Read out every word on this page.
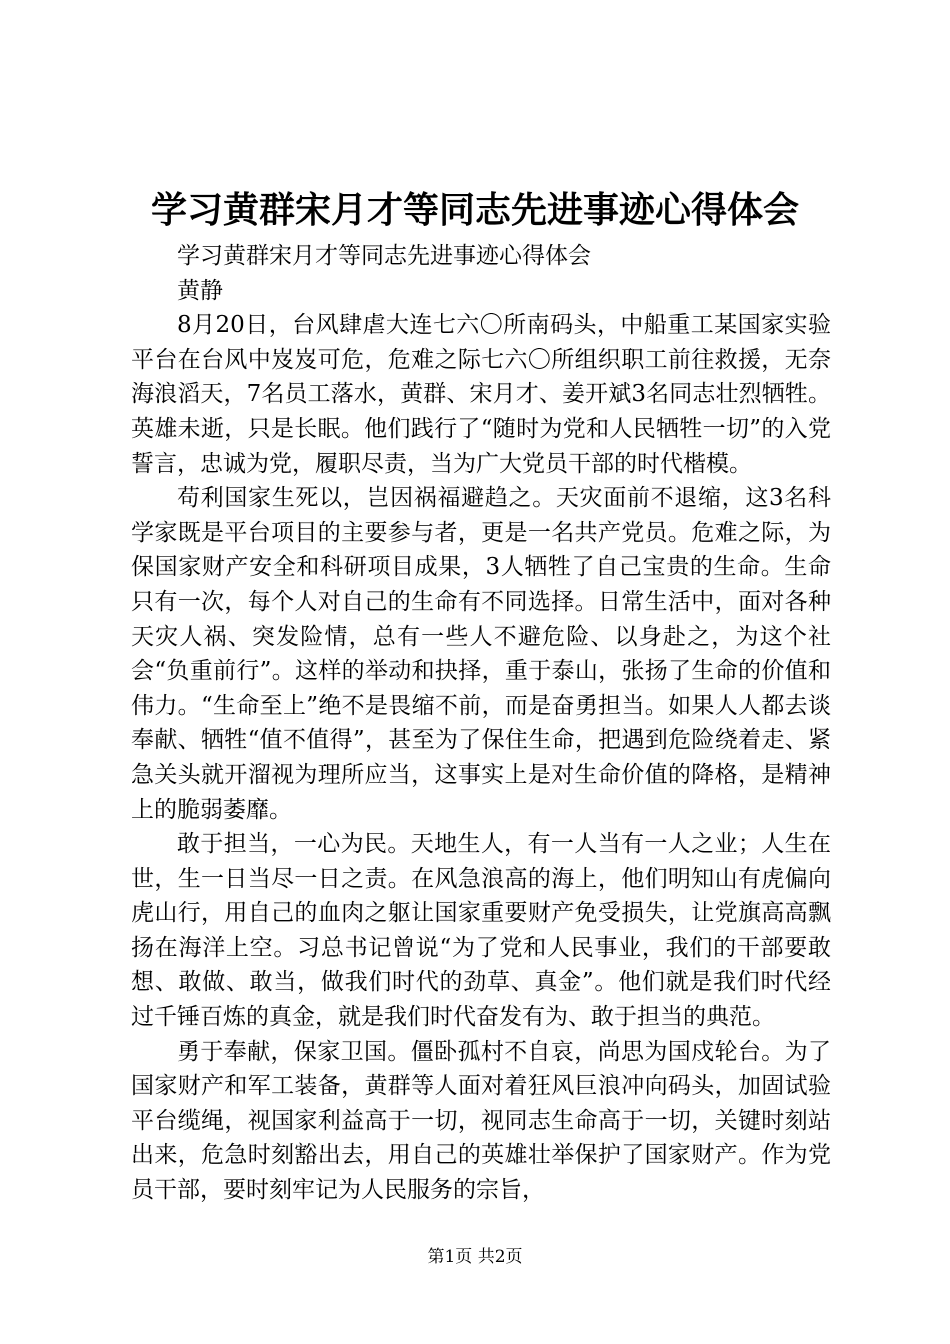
学习黄群宋月才等同志先进事迹心得体会

学习黄群宋月才等同志先进事迹心得体会

黄静

8月20日，台风肆虐大连七六〇所南码头，中船重工某国家实验平台在台风中岌岌可危，危难之际七六〇所组织职工前往救援，无奈海浪滔天，7名员工落水，黄群、宋月才、姜开斌3名同志壮烈牺牲。英雄未逝，只是长眠。他们践行了“随时为党和人民牺牲一切”的入党誓言，忠诚为党，履职尽责，当为广大党员干部的时代楷模。

苟利国家生死以，岂因祸福避趋之。天灾面前不退缩，这3名科学家既是平台项目的主要参与者，更是一名共产党员。危难之际，为保国家财产安全和科研项目成果，3人牺牲了自己宝贵的生命。生命只有一次，每个人对自己的生命有不同选择。日常生活中，面对各种天灾人祸、突发险情，总有一些人不避危险、以身赴之，为这个社会“负重前行”。这样的举动和抉择，重于泰山，张扬了生命的价值和伟力。“生命至上”绝不是畏缩不前，而是奋勇担当。如果人人都去谈奉献、牺牲“值不值得”，甚至为了保住生命，把遇到危险绕着走、紧急关头就开溜视为理所应当，这事实上是对生命价值的降格，是精神上的脆弱萎靡。

敢于担当，一心为民。天地生人，有一人当有一人之业；人生在世，生一日当尽一日之责。在风急浪高的海上，他们明知山有虎偏向虎山行，用自己的血肉之躯让国家重要财产免受损失，让党旗高高飘扬在海洋上空。习总书记曾说“为了党和人民事业，我们的干部要敢想、敢做、敢当，做我们时代的劲草、真金”。他们就是我们时代经过千锤百炼的真金，就是我们时代奋发有为、敢于担当的典范。

勇于奉献，保家卫国。僵卧孤村不自哀，尚思为国戍轮台。为了国家财产和军工装备，黄群等人面对着狂风巨浪冲向码头，加固试验平台缆绳，视国家利益高于一切，视同志生命高于一切，关键时刻站出来，危急时刻豁出去，用自己的英雄壮举保护了国家财产。作为党员干部，要时刻牢记为人民服务的宗旨，

第1页 共2页
